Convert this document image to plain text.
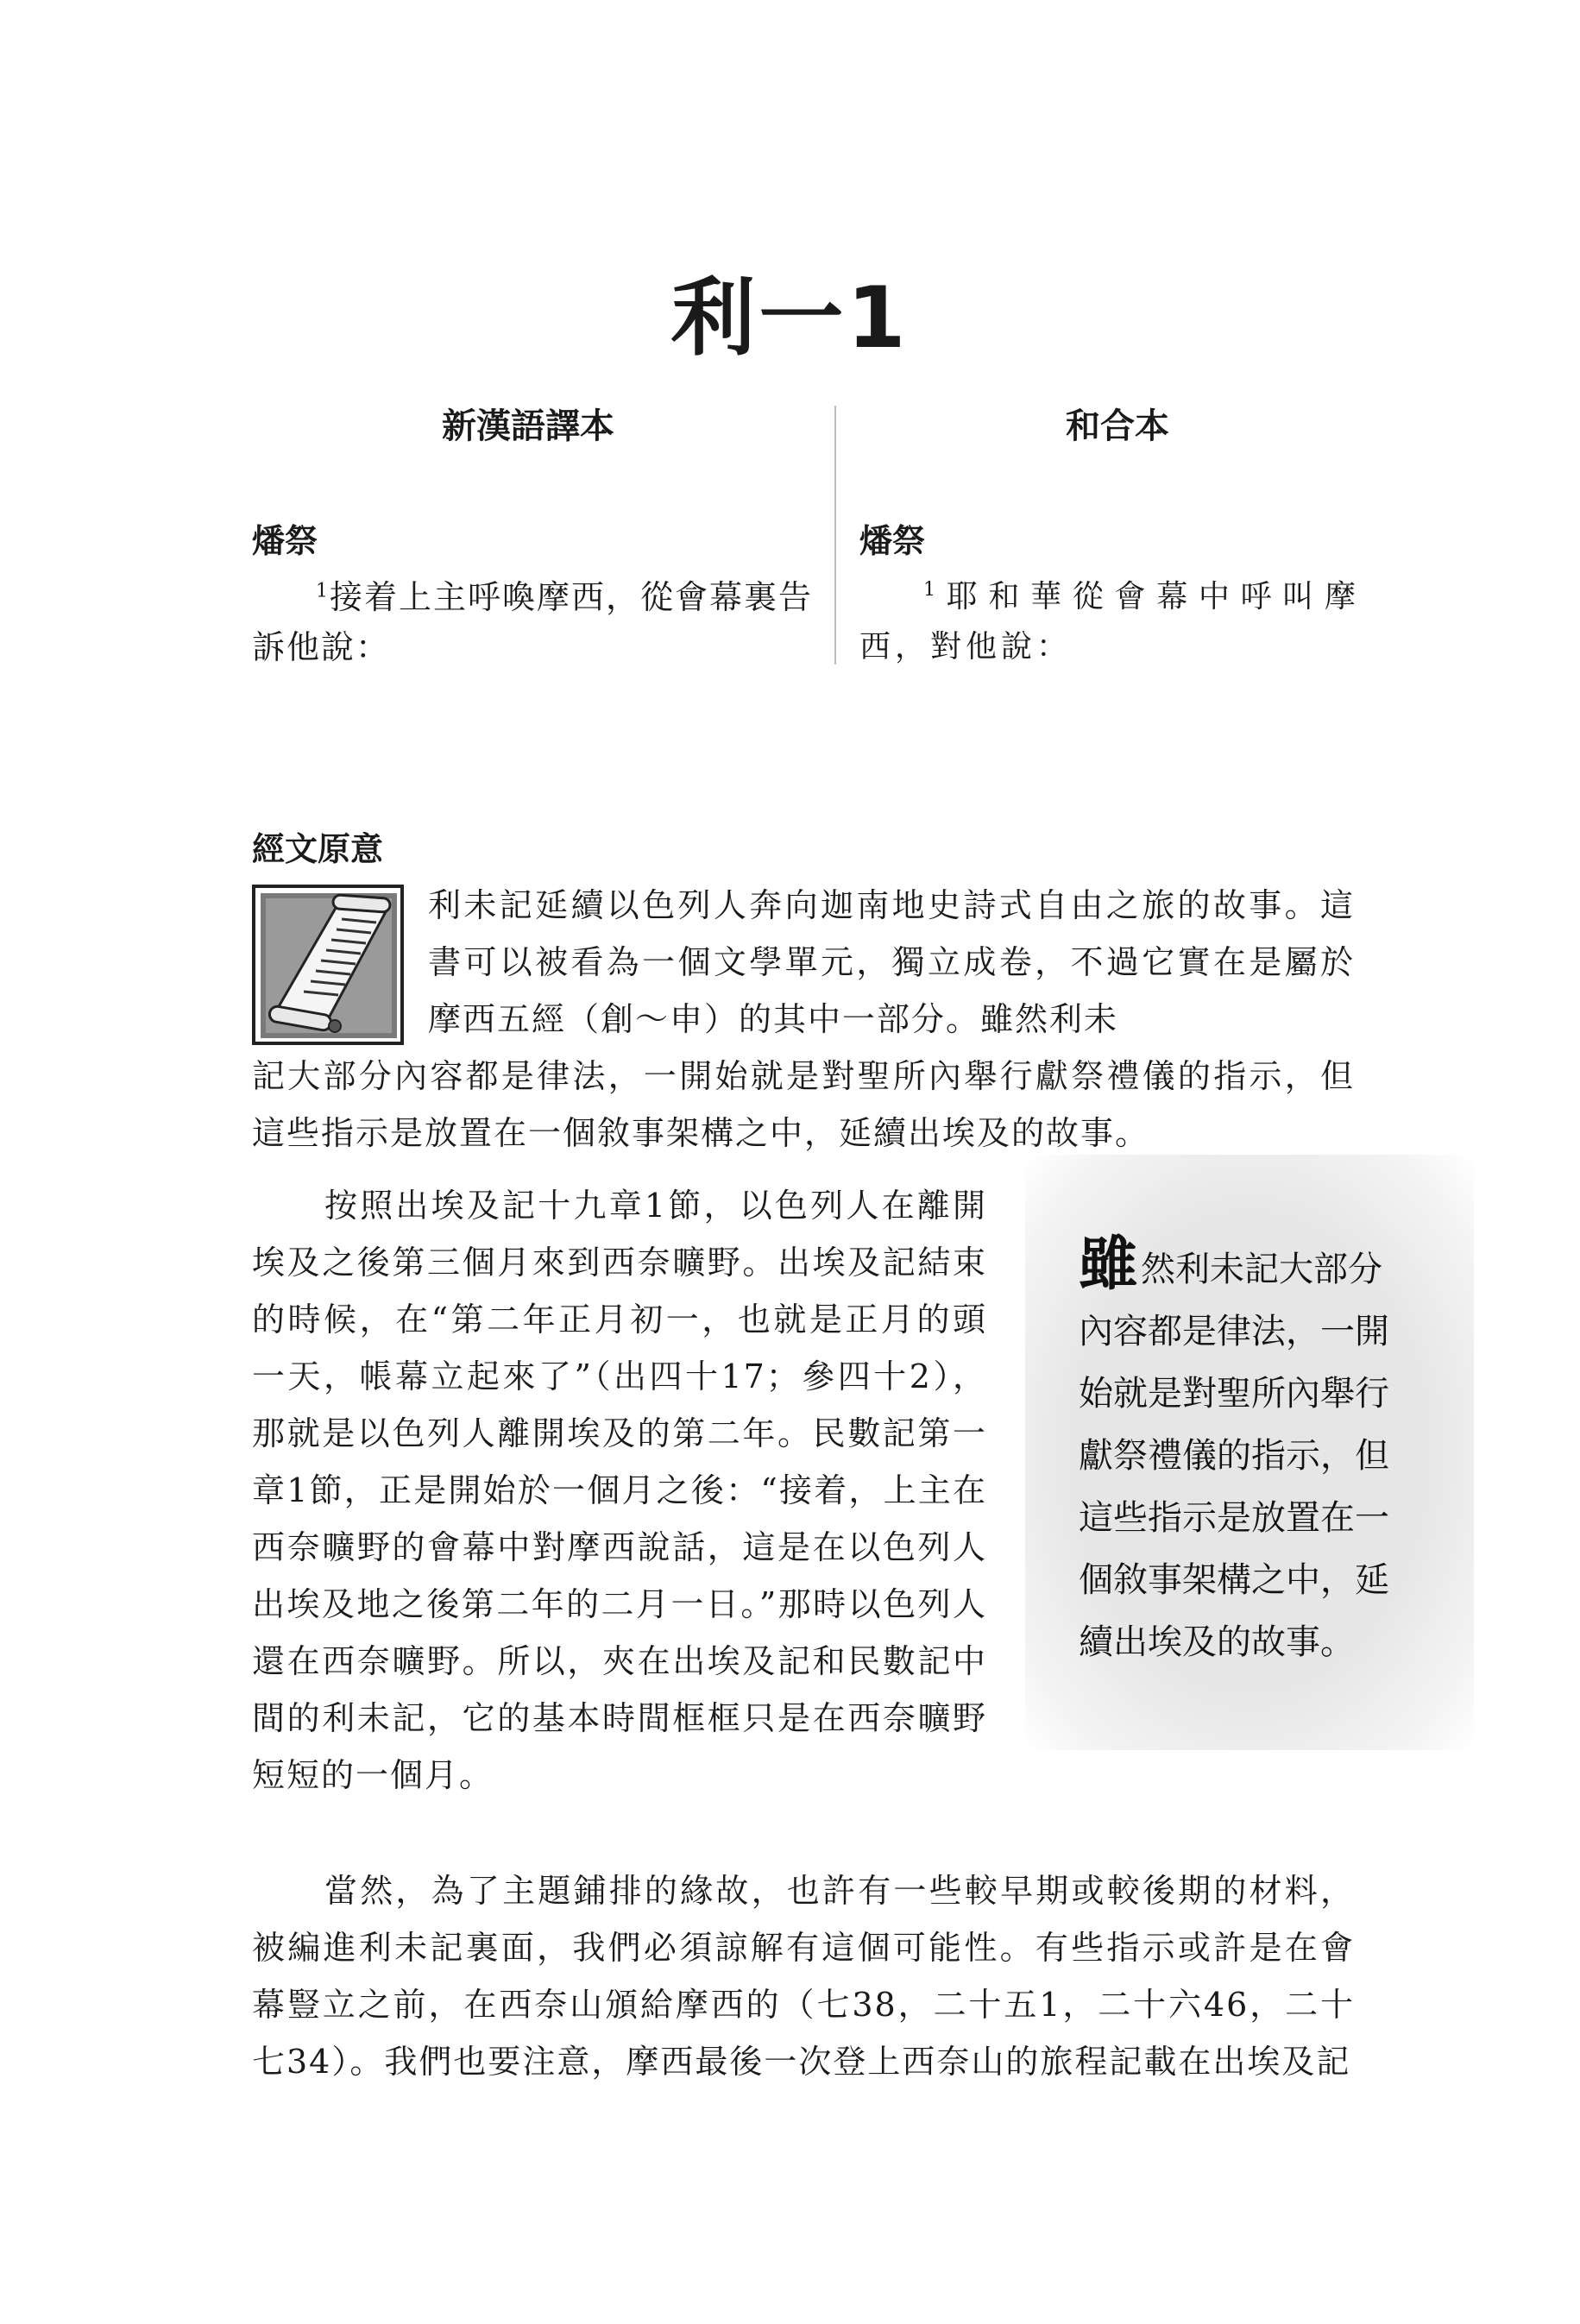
利一1
新漢語譯本	和合本
燔祭
$^1$接着上主呼喚摩西，從會幕裏告訴他說：
燔祭
$^1$耶和華從會幕中呼叫摩西，對他說：
經文原意
利未記延續以色列人奔向迦南地史詩式自由之旅的故事。這書可以被看為一個文學單元，獨立成卷，不過它實在是屬於摩西五經（創～申）的其中一部分。雖然利未
記大部分內容都是律法，一開始就是對聖所內舉行獻祭禮儀的指示，但這些指示是放置在一個敘事架構之中，延續出埃及的故事。
雖然利未記大部分內容都是律法，一開始就是對聖所內舉行獻祭禮儀的指示，但這些指示是放置在一個敘事架構之中，延續出埃及的故事。
按照出埃及記十九章1節，以色列人在離開埃及之後第三個月來到西奈曠野。出埃及記結束的時候，在“第二年正月初一，也就是正月的頭一天，帳幕立起來了”（出四十17；參四十2），那就是以色列人離開埃及的第二年。民數記第一章1節，正是開始於一個月之後：“接着，上主在西奈曠野的會幕中對摩西說話，這是在以色列人出埃及地之後第二年的二月一日。”那時以色列人還在西奈曠野。所以，夾在出埃及記和民數記中間的利未記，它的基本時間框框只是在西奈曠野短短的一個月。
當然，為了主題鋪排的緣故，也許有一些較早期或較後期的材料，被編進利未記裏面，我們必須諒解有這個可能性。有些指示或許是在會幕豎立之前，在西奈山頒給摩西的（七38，二十五1，二十六46，二十七34）。我們也要注意，摩西最後一次登上西奈山的旅程記載在出埃及記
